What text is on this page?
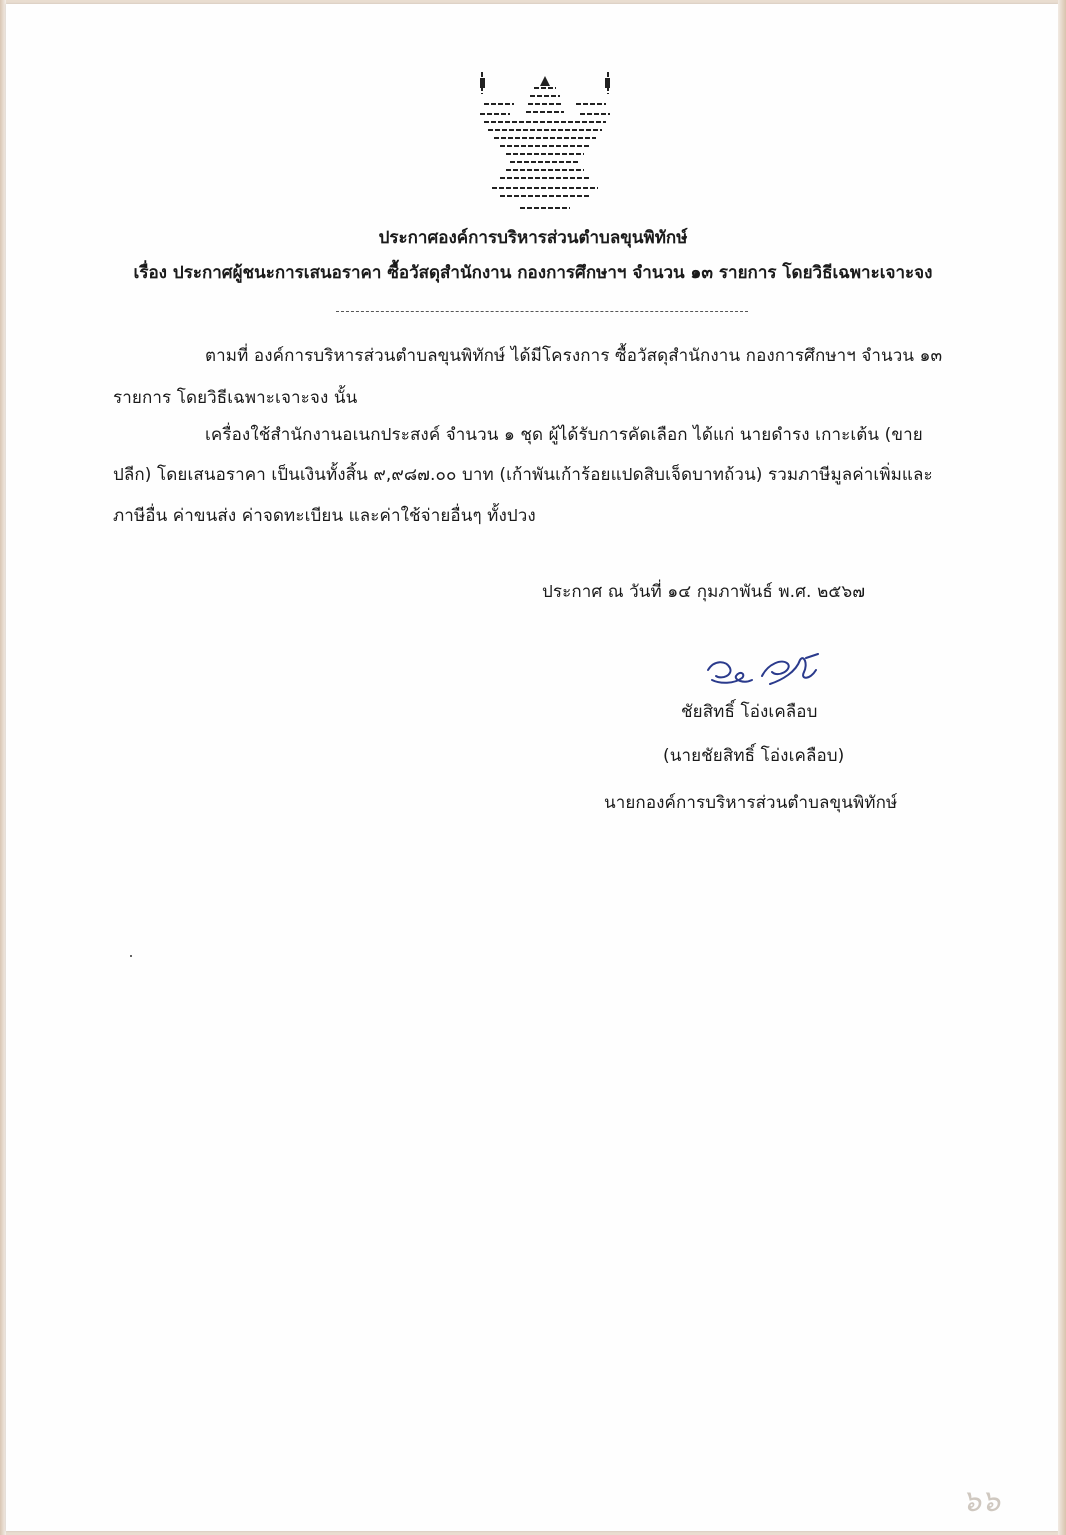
ประกาศองค์การบริหารส่วนตำบลขุนพิทักษ์
เรื่อง ประกาศผู้ชนะการเสนอราคา ซื้อวัสดุสำนักงาน กองการศึกษาฯ จำนวน ๑๓ รายการ โดยวิธีเฉพาะเจาะจง
ตามที่ องค์การบริหารส่วนตำบลขุนพิทักษ์ ได้มีโครงการ ซื้อวัสดุสำนักงาน กองการศึกษาฯ จำนวน ๑๓
รายการ โดยวิธีเฉพาะเจาะจง นั้น
เครื่องใช้สำนักงานอเนกประสงค์ จำนวน ๑ ชุด ผู้ได้รับการคัดเลือก ได้แก่ นายดำรง เกาะเต้น (ขาย
ปลีก) โดยเสนอราคา เป็นเงินทั้งสิ้น ๙,๙๘๗.๐๐ บาท (เก้าพันเก้าร้อยแปดสิบเจ็ดบาทถ้วน) รวมภาษีมูลค่าเพิ่มและ
ภาษีอื่น ค่าขนส่ง ค่าจดทะเบียน และค่าใช้จ่ายอื่นๆ ทั้งปวง
ประกาศ ณ วันที่ ๑๔ กุมภาพันธ์ พ.ศ. ๒๕๖๗
ชัยสิทธิ์ โอ่งเคลือบ
(นายชัยสิทธิ์ โอ่งเคลือบ)
นายกองค์การบริหารส่วนตำบลขุนพิทักษ์
๖๖
